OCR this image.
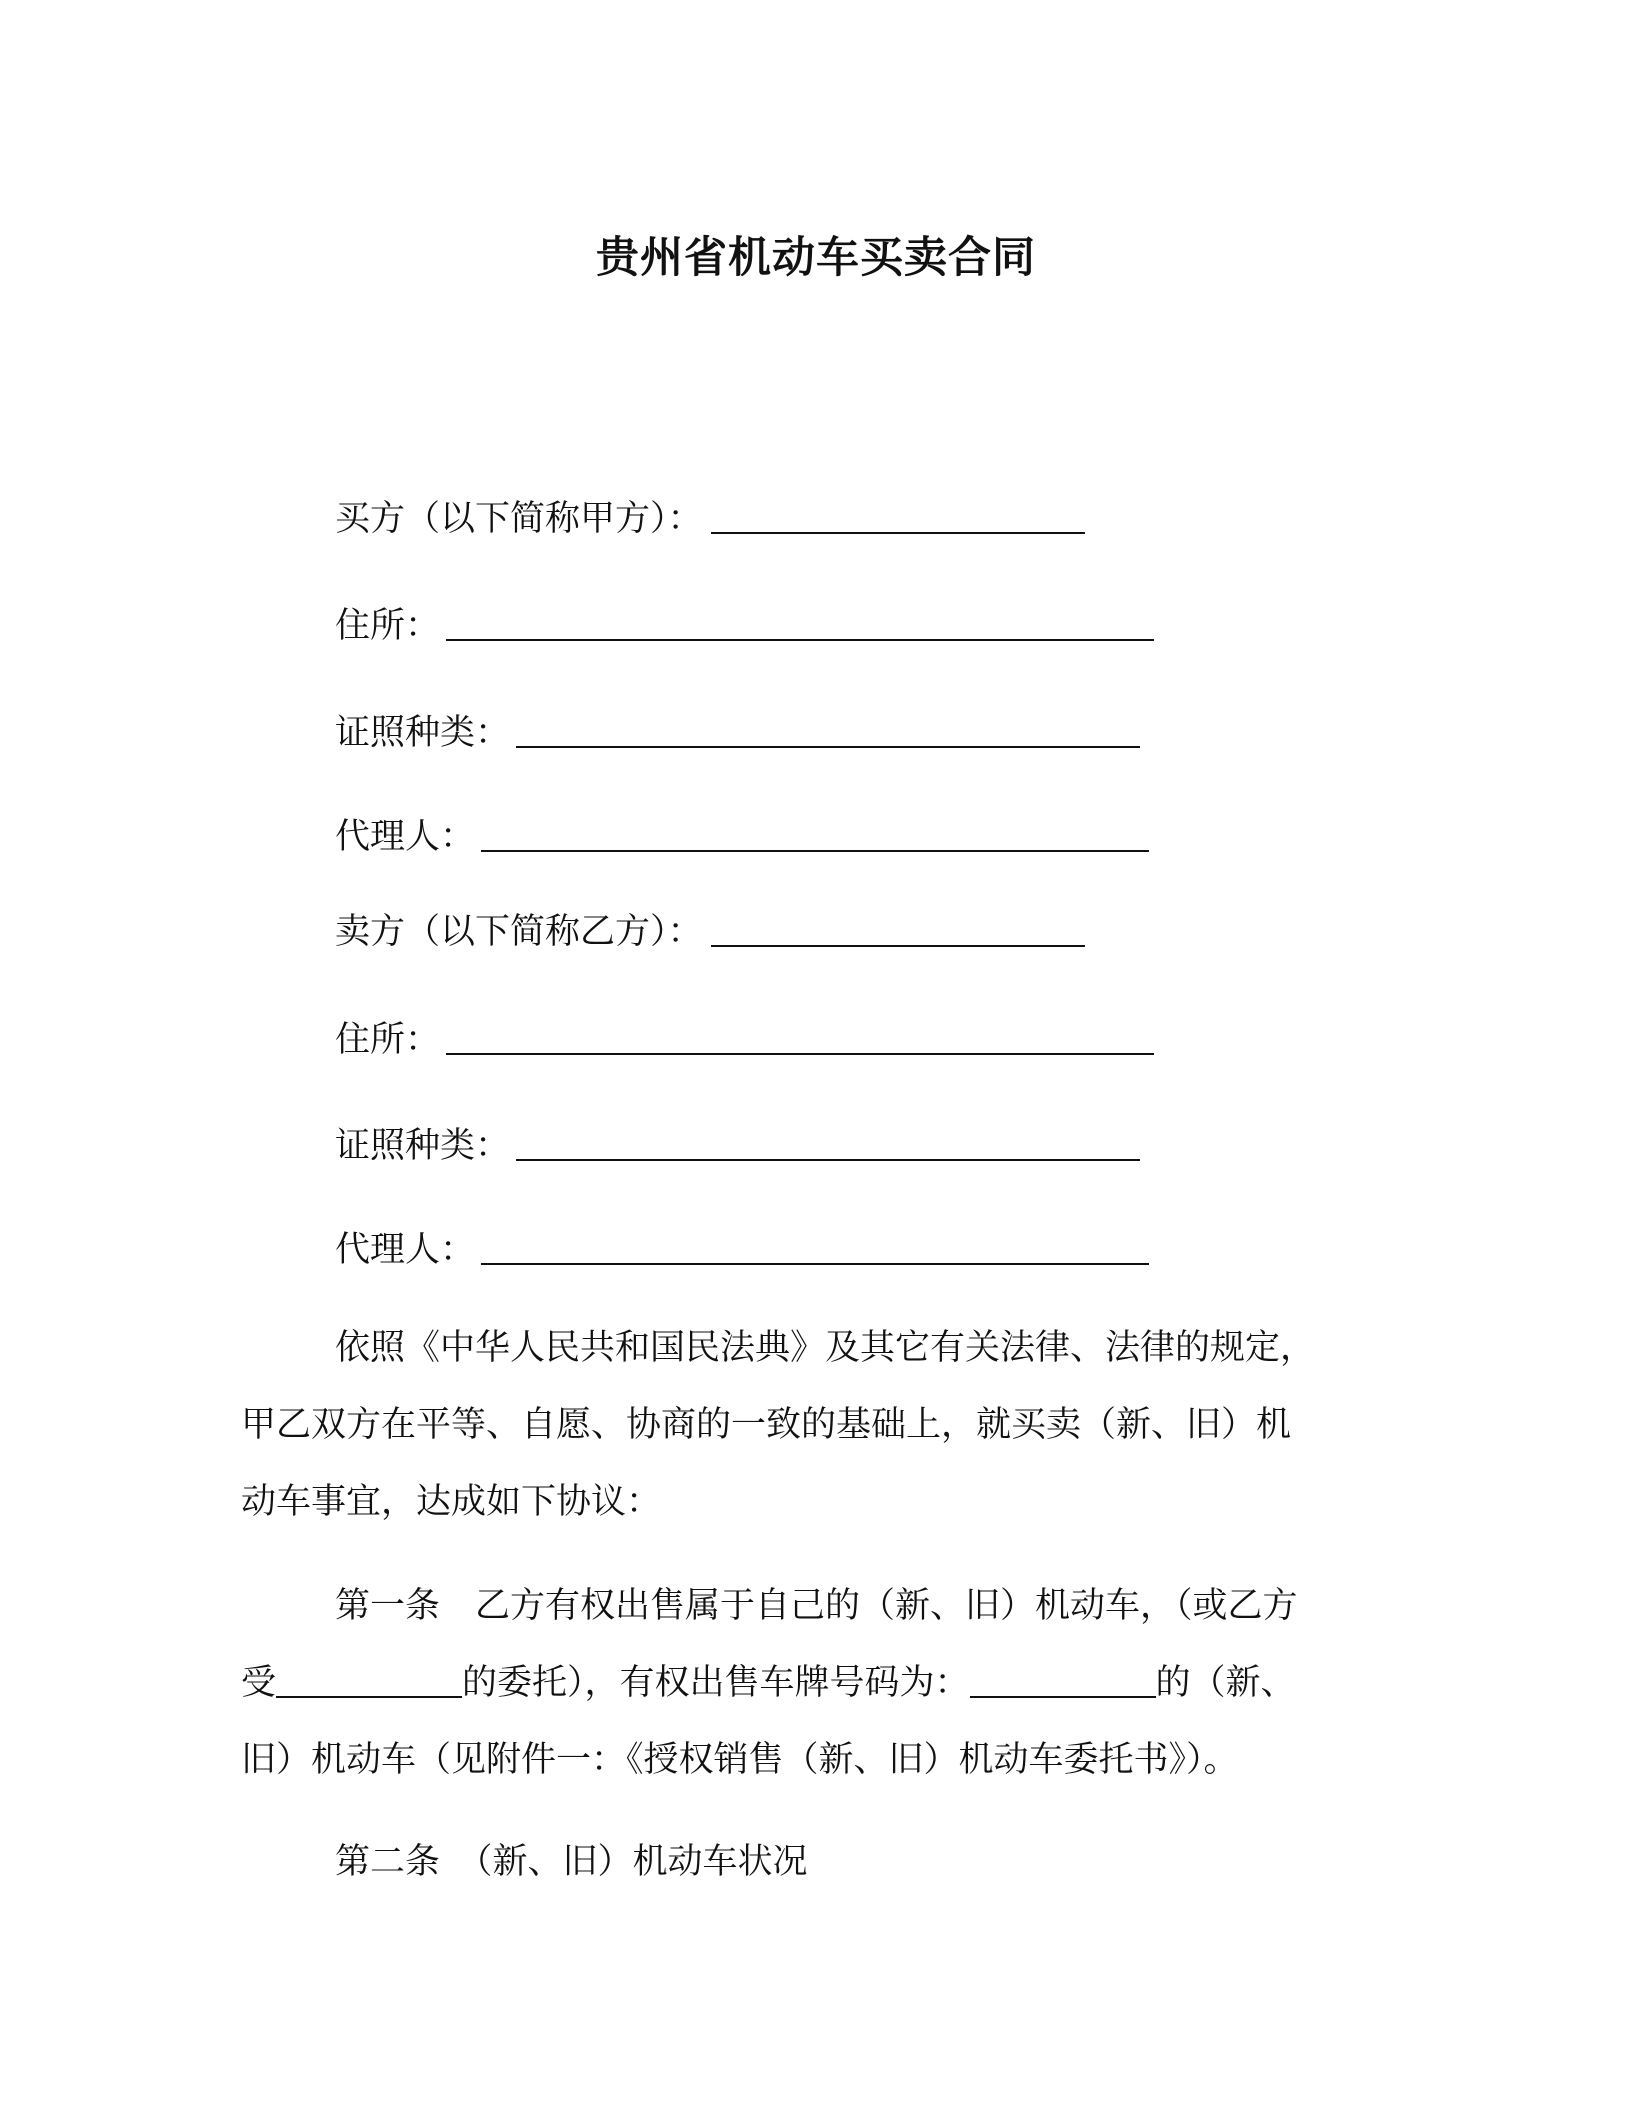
贵州省机动车买卖合同
买方（以下简称甲方）：
住所：
证照种类：
代理人：
卖方（以下简称乙方）：
住所：
证照种类：
代理人：
依照《中华人民共和国民法典》及其它有关法律、法律的规定，
甲乙双方在平等、自愿、协商的一致的基础上，就买卖（新、旧）机
动车事宜，达成如下协议：
第一条　乙方有权出售属于自己的（新、旧）机动车，（或乙方
受	的委托），有权出售车牌号码为：	的（新、
旧）机动车（见附件一：《授权销售（新、旧）机动车委托书》）。
第二条　（新、旧）机动车状况
